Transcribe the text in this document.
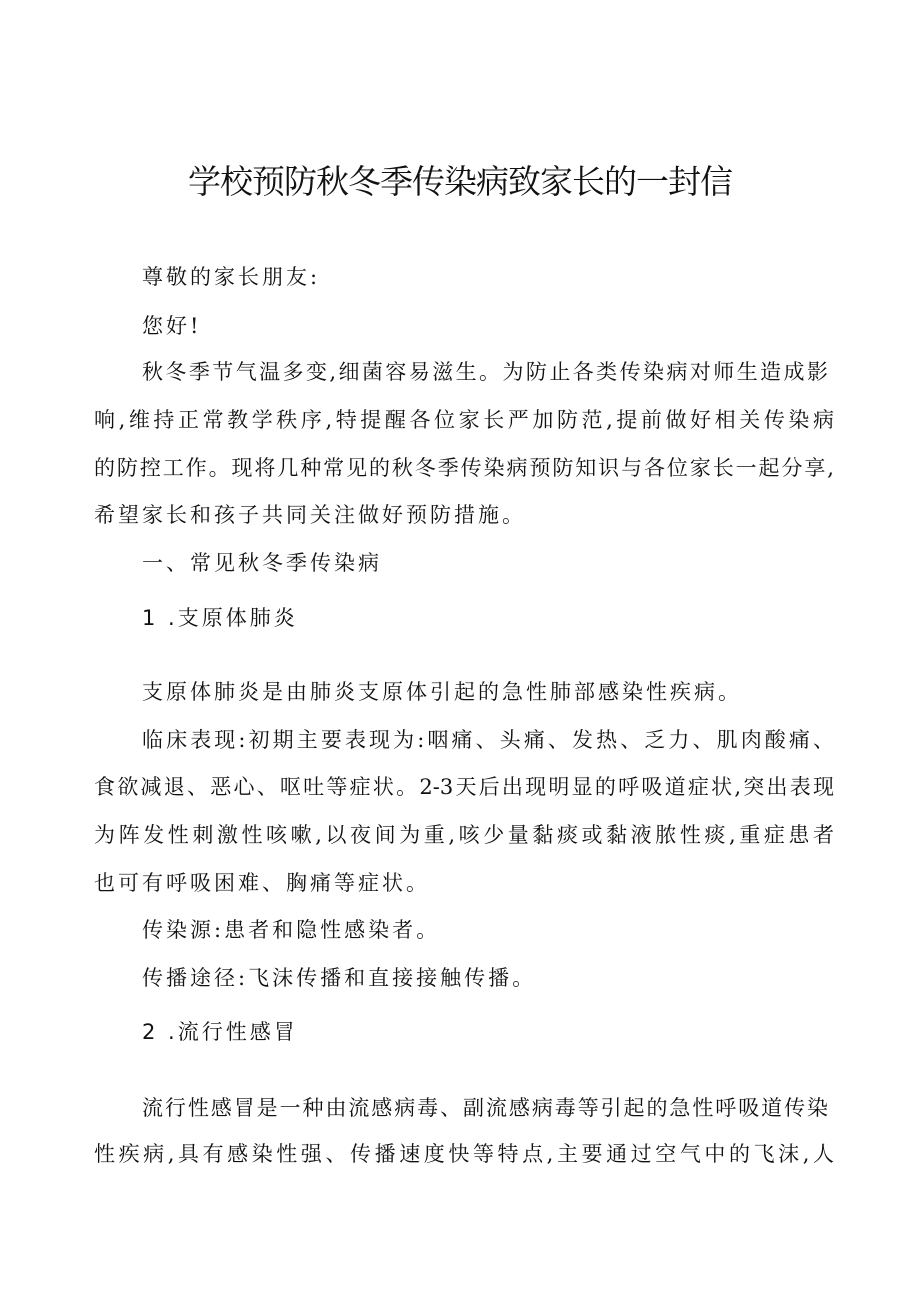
学校预防秋冬季传染病致家长的一封信
尊敬的家长朋友:
您好!
秋冬季节气温多变,细菌容易滋生。为防止各类传染病对师生造成影
响,维持正常教学秩序,特提醒各位家长严加防范,提前做好相关传染病
的防控工作。现将几种常见的秋冬季传染病预防知识与各位家长一起分享,
希望家长和孩子共同关注做好预防措施。
一、常见秋冬季传染病
1 .支原体肺炎
支原体肺炎是由肺炎支原体引起的急性肺部感染性疾病。
临床表现:初期主要表现为:咽痛、头痛、发热、乏力、肌肉酸痛、
食欲减退、恶心、呕吐等症状。2-3天后出现明显的呼吸道症状,突出表现
为阵发性刺激性咳嗽,以夜间为重,咳少量黏痰或黏液脓性痰,重症患者
也可有呼吸困难、胸痛等症状。
传染源:患者和隐性感染者。
传播途径:飞沫传播和直接接触传播。
2 .流行性感冒
流行性感冒是一种由流感病毒、副流感病毒等引起的急性呼吸道传染
性疾病,具有感染性强、传播速度快等特点,主要通过空气中的飞沫,人
